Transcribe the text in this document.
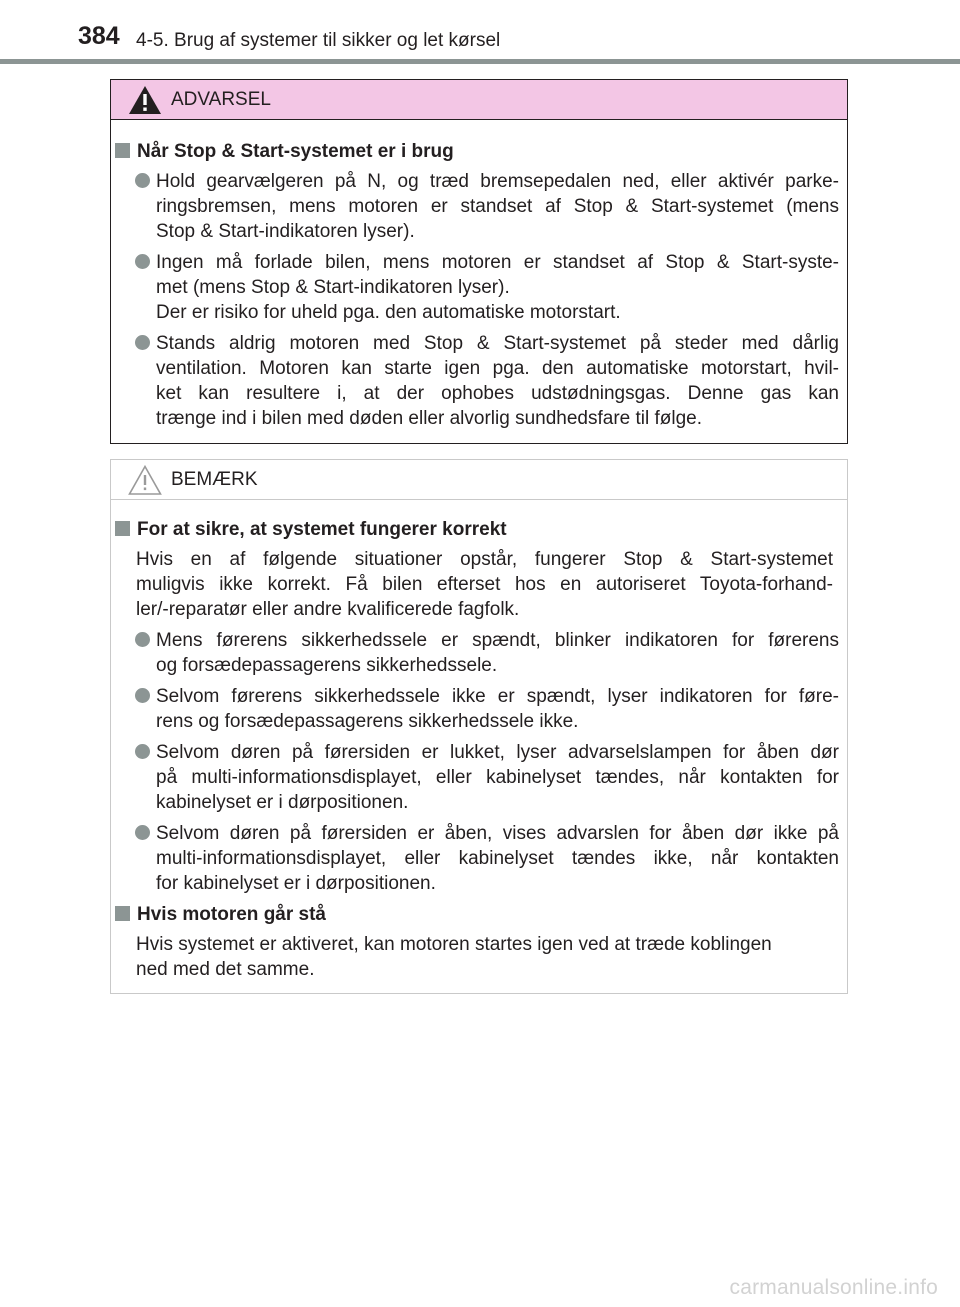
384 4-5. Brug af systemer til sikker og let kørsel
ADVARSEL
Når Stop & Start-systemet er i brug
Hold gearvælgeren på N, og træd bremsepedalen ned, eller aktivér parke-
ringsbremsen, mens motoren er standset af Stop & Start-systemet (mens
Stop & Start-indikatoren lyser).
Ingen må forlade bilen, mens motoren er standset af Stop & Start-syste-
met (mens Stop & Start-indikatoren lyser).
Der er risiko for uheld pga. den automatiske motorstart.
Stands aldrig motoren med Stop & Start-systemet på steder med dårlig
ventilation. Motoren kan starte igen pga. den automatiske motorstart, hvil-
ket kan resultere i, at der ophobes udstødningsgas. Denne gas kan
trænge ind i bilen med døden eller alvorlig sundhedsfare til følge.
BEMÆRK
For at sikre, at systemet fungerer korrekt
Hvis en af følgende situationer opstår, fungerer Stop & Start-systemet
muligvis ikke korrekt. Få bilen efterset hos en autoriseret Toyota-forhand-
ler/-reparatør eller andre kvalificerede fagfolk.
Mens førerens sikkerhedssele er spændt, blinker indikatoren for førerens
og forsædepassagerens sikkerhedssele.
Selvom førerens sikkerhedssele ikke er spændt, lyser indikatoren for føre-
rens og forsædepassagerens sikkerhedssele ikke.
Selvom døren på førersiden er lukket, lyser advarselslampen for åben dør
på multi-informationsdisplayet, eller kabinelyset tændes, når kontakten for
kabinelyset er i dørpositionen.
Selvom døren på førersiden er åben, vises advarslen for åben dør ikke på
multi-informationsdisplayet, eller kabinelyset tændes ikke, når kontakten
for kabinelyset er i dørpositionen.
Hvis motoren går stå
Hvis systemet er aktiveret, kan motoren startes igen ved at træde koblingen
ned med det samme.
carmanualsonline.info
